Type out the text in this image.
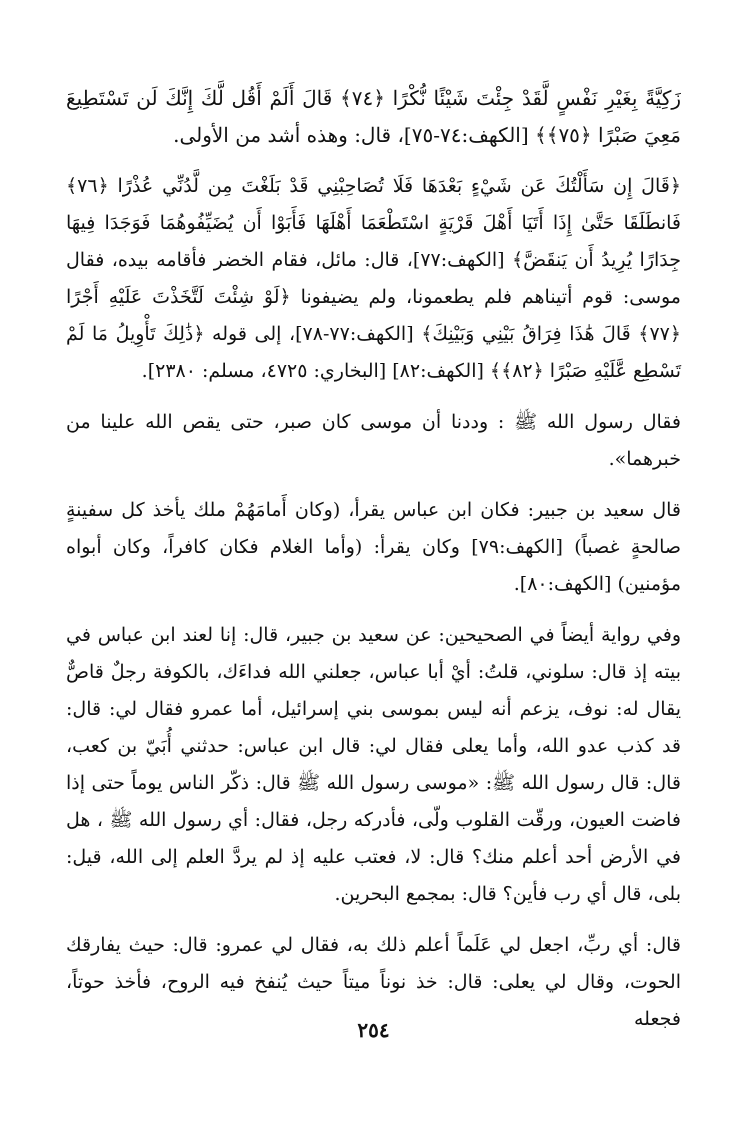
زَكِيَّةً بِغَيْرِ نَفْسٍ لَّقَدْ جِئْتَ شَيْئًا نُّكْرًا ﴿٧٤﴾ قَالَ أَلَمْ أَقُل لَّكَ إِنَّكَ لَن تَسْتَطِيعَ مَعِيَ صَبْرًا ﴿٧٥﴾﴾ [الكهف:٧٤-٧٥]، قال: وهذه أشد من الأولى.

﴿قَالَ إِن سَأَلْتُكَ عَن شَيْءٍ بَعْدَهَا فَلَا تُصَاحِبْنِي قَدْ بَلَغْتَ مِن لَّدُنِّي عُذْرًا ﴿٧٦﴾ فَانطَلَقَا حَتَّىٰ إِذَا أَتَيَا أَهْلَ قَرْيَةٍ اسْتَطْعَمَا أَهْلَهَا فَأَبَوْا أَن يُضَيِّفُوهُمَا فَوَجَدَا فِيهَا جِدَارًا يُرِيدُ أَن يَنقَضَّ﴾ [الكهف:٧٧]، قال: مائل، فقام الخضر فأقامه بيده، فقال موسى: قوم أتيناهم فلم يطعمونا، ولم يضيفونا ﴿لَوْ شِئْتَ لَتَّخَذْتَ عَلَيْهِ أَجْرًا ﴿٧٧﴾ قَالَ هَٰذَا فِرَاقُ بَيْنِي وَبَيْنِكَ﴾ [الكهف:٧٧-٧٨]، إلى قوله ﴿ذَٰلِكَ تَأْوِيلُ مَا لَمْ تَسْطِع عَّلَيْهِ صَبْرًا ﴿٨٢﴾﴾ [الكهف:٨٢] [البخاري: ٤٧٢٥، مسلم: ٢٣٨٠].

فقال رسول الله ﷺ : وددنا أن موسى كان صبر، حتى يقص الله علينا من خبرهما».

قال سعيد بن جبير: فكان ابن عباس يقرأ، (وكان أَمامَهُمْ ملك يأخذ كل سفينةٍ صالحةٍ غصباً) [الكهف:٧٩] وكان يقرأ: (وأما الغلام فكان كافراً، وكان أبواه مؤمنين) [الكهف:٨٠].

وفي رواية أيضاً في الصحيحين: عن سعيد بن جبير، قال: إنا لعند ابن عباس في بيته إذ قال: سلوني، قلتُ: أيْ أبا عباس، جعلني الله فداءَك، بالكوفة رجلٌ قاصٌّ يقال له: نوف، يزعم أنه ليس بموسى بني إسرائيل، أما عمرو فقال لي: قال: قد كذب عدو الله، وأما يعلى فقال لي: قال ابن عباس: حدثني أُبَيّ بن كعب، قال: قال رسول الله ﷺ: «موسى رسول الله ﷺ قال: ذكّر الناس يوماً حتى إذا فاضت العيون، ورقّت القلوب ولّى، فأدركه رجل، فقال: أي رسول الله ﷺ ، هل في الأرض أحد أعلم منك؟ قال: لا، فعتب عليه إذ لم يردَّ العلم إلى الله، قيل: بلى، قال أي رب فأين؟ قال: بمجمع البحرين.

قال: أي ربِّ، اجعل لي عَلَماً أعلم ذلك به، فقال لي عمرو: قال: حيث يفارقك الحوت، وقال لي يعلى: قال: خذ نوناً ميتاً حيث يُنفخ فيه الروح، فأخذ حوتاً، فجعله

٢٥٤
